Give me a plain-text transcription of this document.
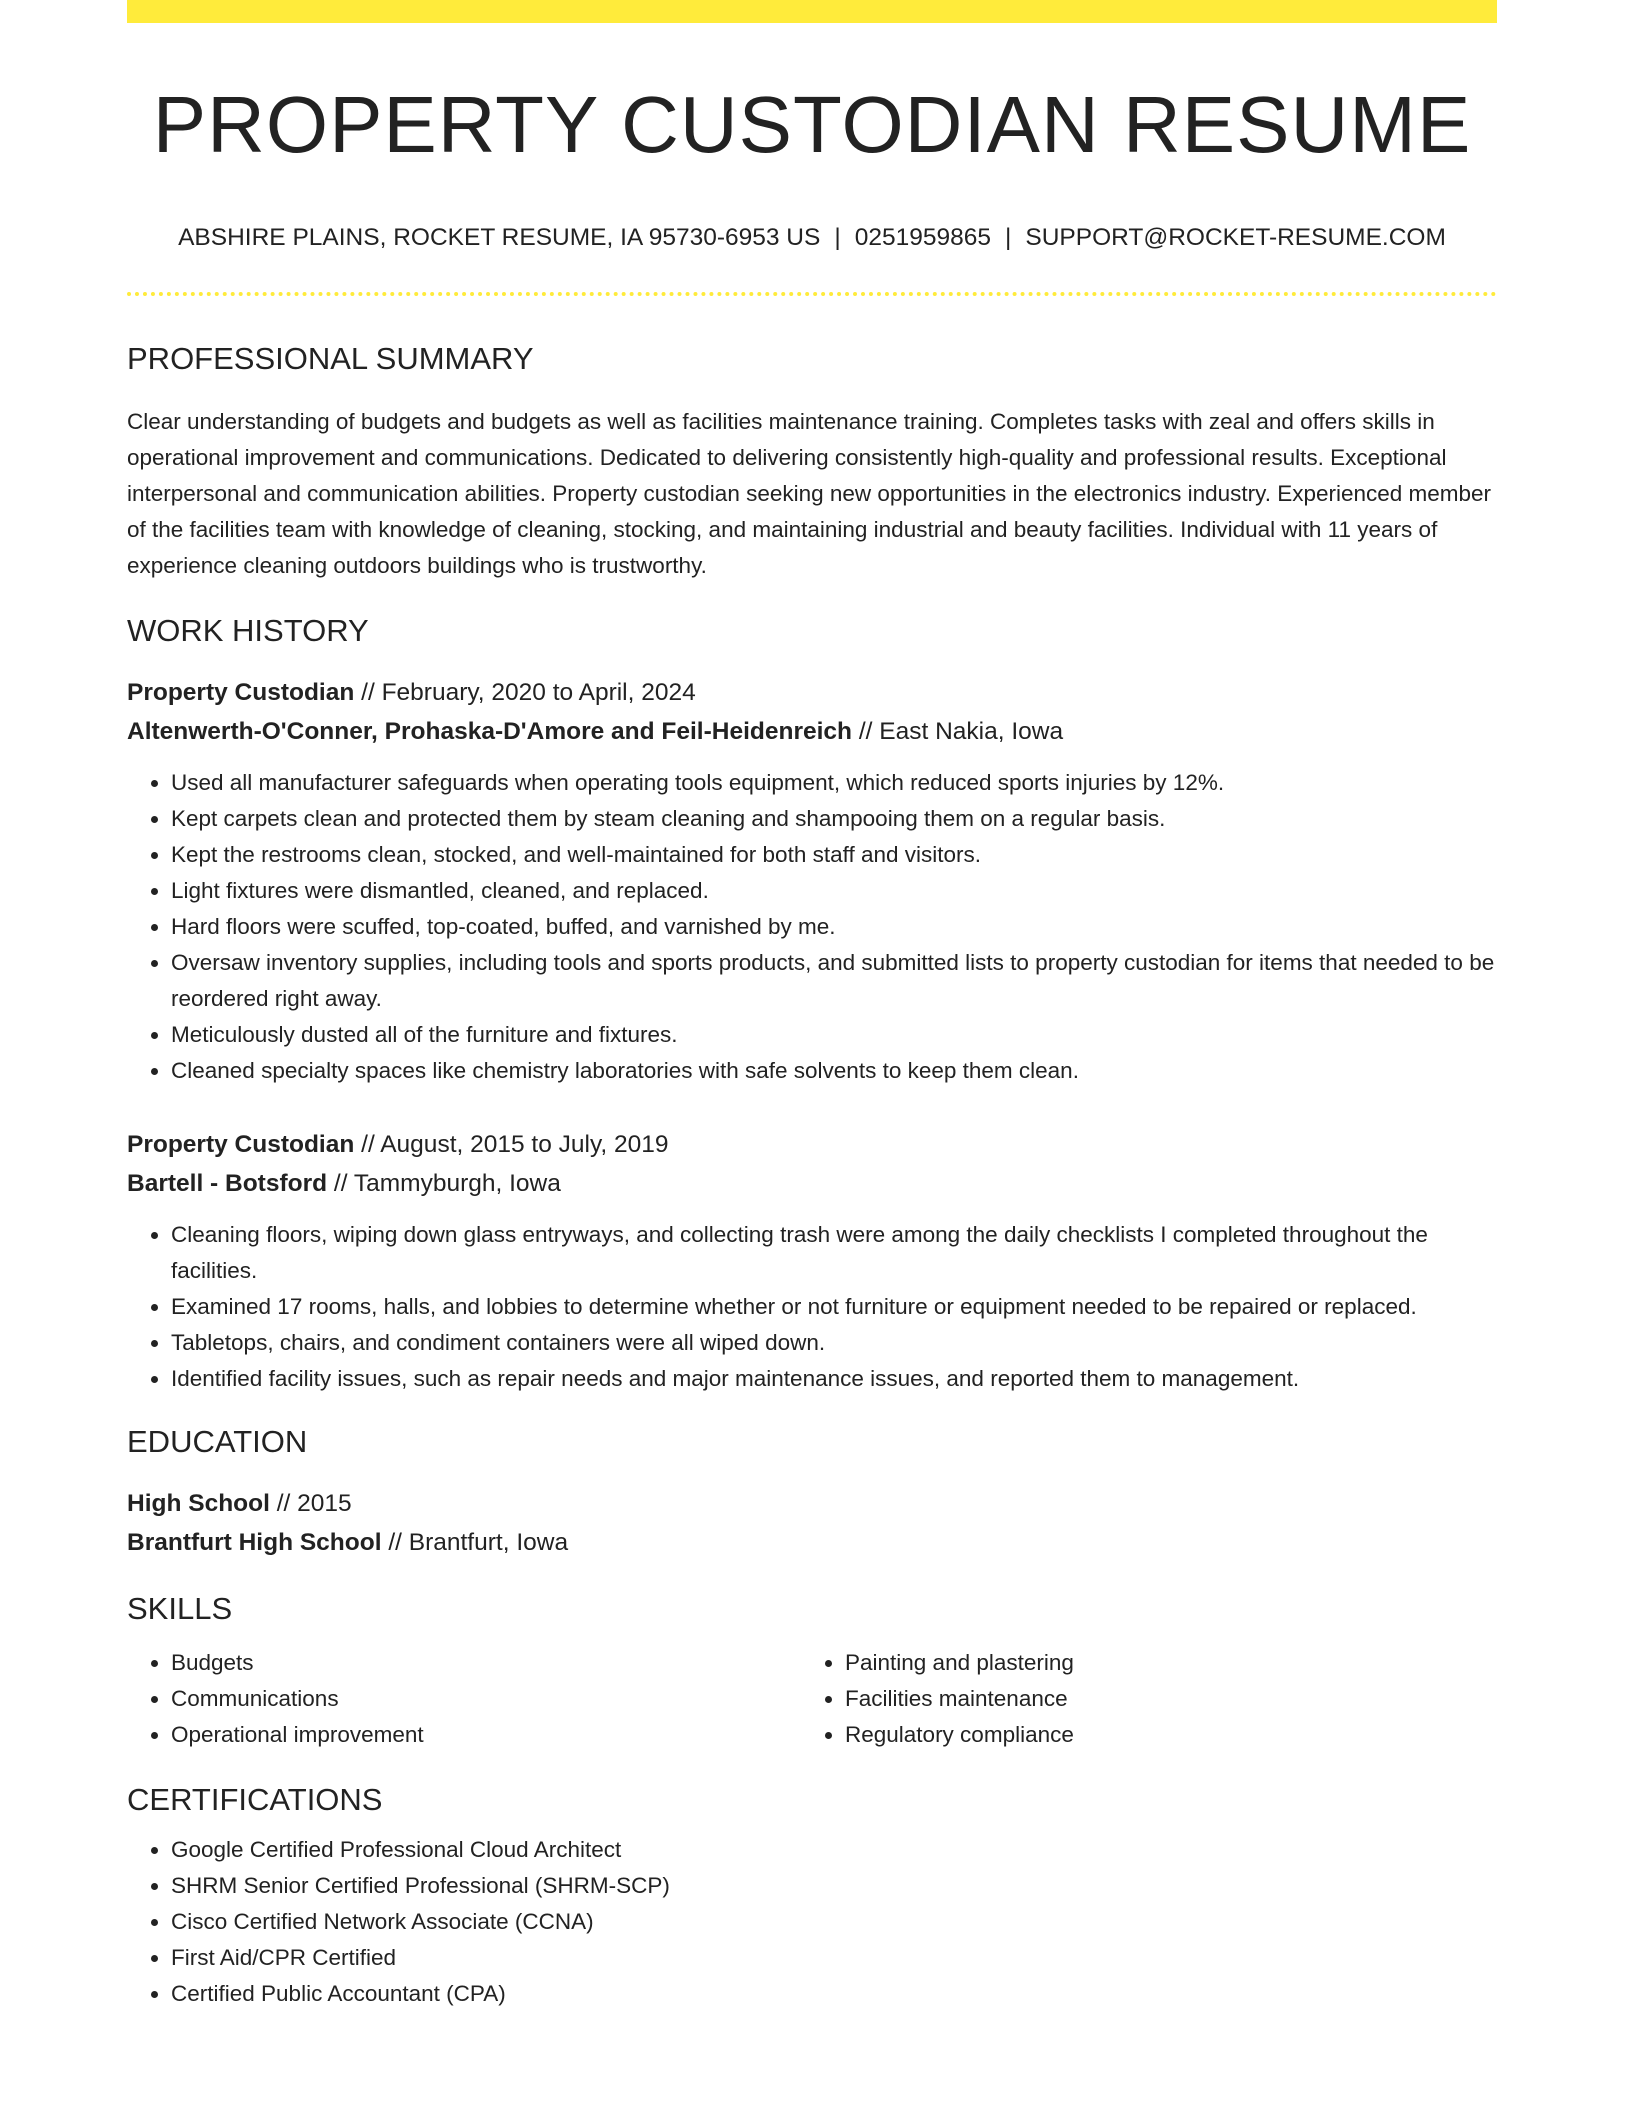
PROPERTY CUSTODIAN RESUME
ABSHIRE PLAINS, ROCKET RESUME, IA 95730-6953 US | 0251959865 | SUPPORT@ROCKET-RESUME.COM
PROFESSIONAL SUMMARY

Clear understanding of budgets and budgets as well as facilities maintenance training. Completes tasks with zeal and offers skills in operational improvement and communications. Dedicated to delivering consistently high-quality and professional results. Exceptional interpersonal and communication abilities. Property custodian seeking new opportunities in the electronics industry. Experienced member of the facilities team with knowledge of cleaning, stocking, and maintaining industrial and beauty facilities. Individual with 11 years of experience cleaning outdoors buildings who is trustworthy.

WORK HISTORY
Property Custodian // February, 2020 to April, 2024
Altenwerth-O'Conner, Prohaska-D'Amore and Feil-Heidenreich // East Nakia, Iowa
• Used all manufacturer safeguards when operating tools equipment, which reduced sports injuries by 12%.
• Kept carpets clean and protected them by steam cleaning and shampooing them on a regular basis.
• Kept the restrooms clean, stocked, and well-maintained for both staff and visitors.
• Light fixtures were dismantled, cleaned, and replaced.
• Hard floors were scuffed, top-coated, buffed, and varnished by me.
• Oversaw inventory supplies, including tools and sports products, and submitted lists to property custodian for items that needed to be reordered right away.
• Meticulously dusted all of the furniture and fixtures.
• Cleaned specialty spaces like chemistry laboratories with safe solvents to keep them clean.
Property Custodian // August, 2015 to July, 2019
Bartell - Botsford // Tammyburgh, Iowa
• Cleaning floors, wiping down glass entryways, and collecting trash were among the daily checklists I completed throughout the facilities.
• Examined 17 rooms, halls, and lobbies to determine whether or not furniture or equipment needed to be repaired or replaced.
• Tabletops, chairs, and condiment containers were all wiped down.
• Identified facility issues, such as repair needs and major maintenance issues, and reported them to management.
EDUCATION
High School // 2015
Brantfurt High School // Brantfurt, Iowa
SKILLS
• Budgets
• Communications
• Operational improvement
• Painting and plastering
• Facilities maintenance
• Regulatory compliance
CERTIFICATIONS
• Google Certified Professional Cloud Architect
• SHRM Senior Certified Professional (SHRM-SCP)
• Cisco Certified Network Associate (CCNA)
• First Aid/CPR Certified
• Certified Public Accountant (CPA)
